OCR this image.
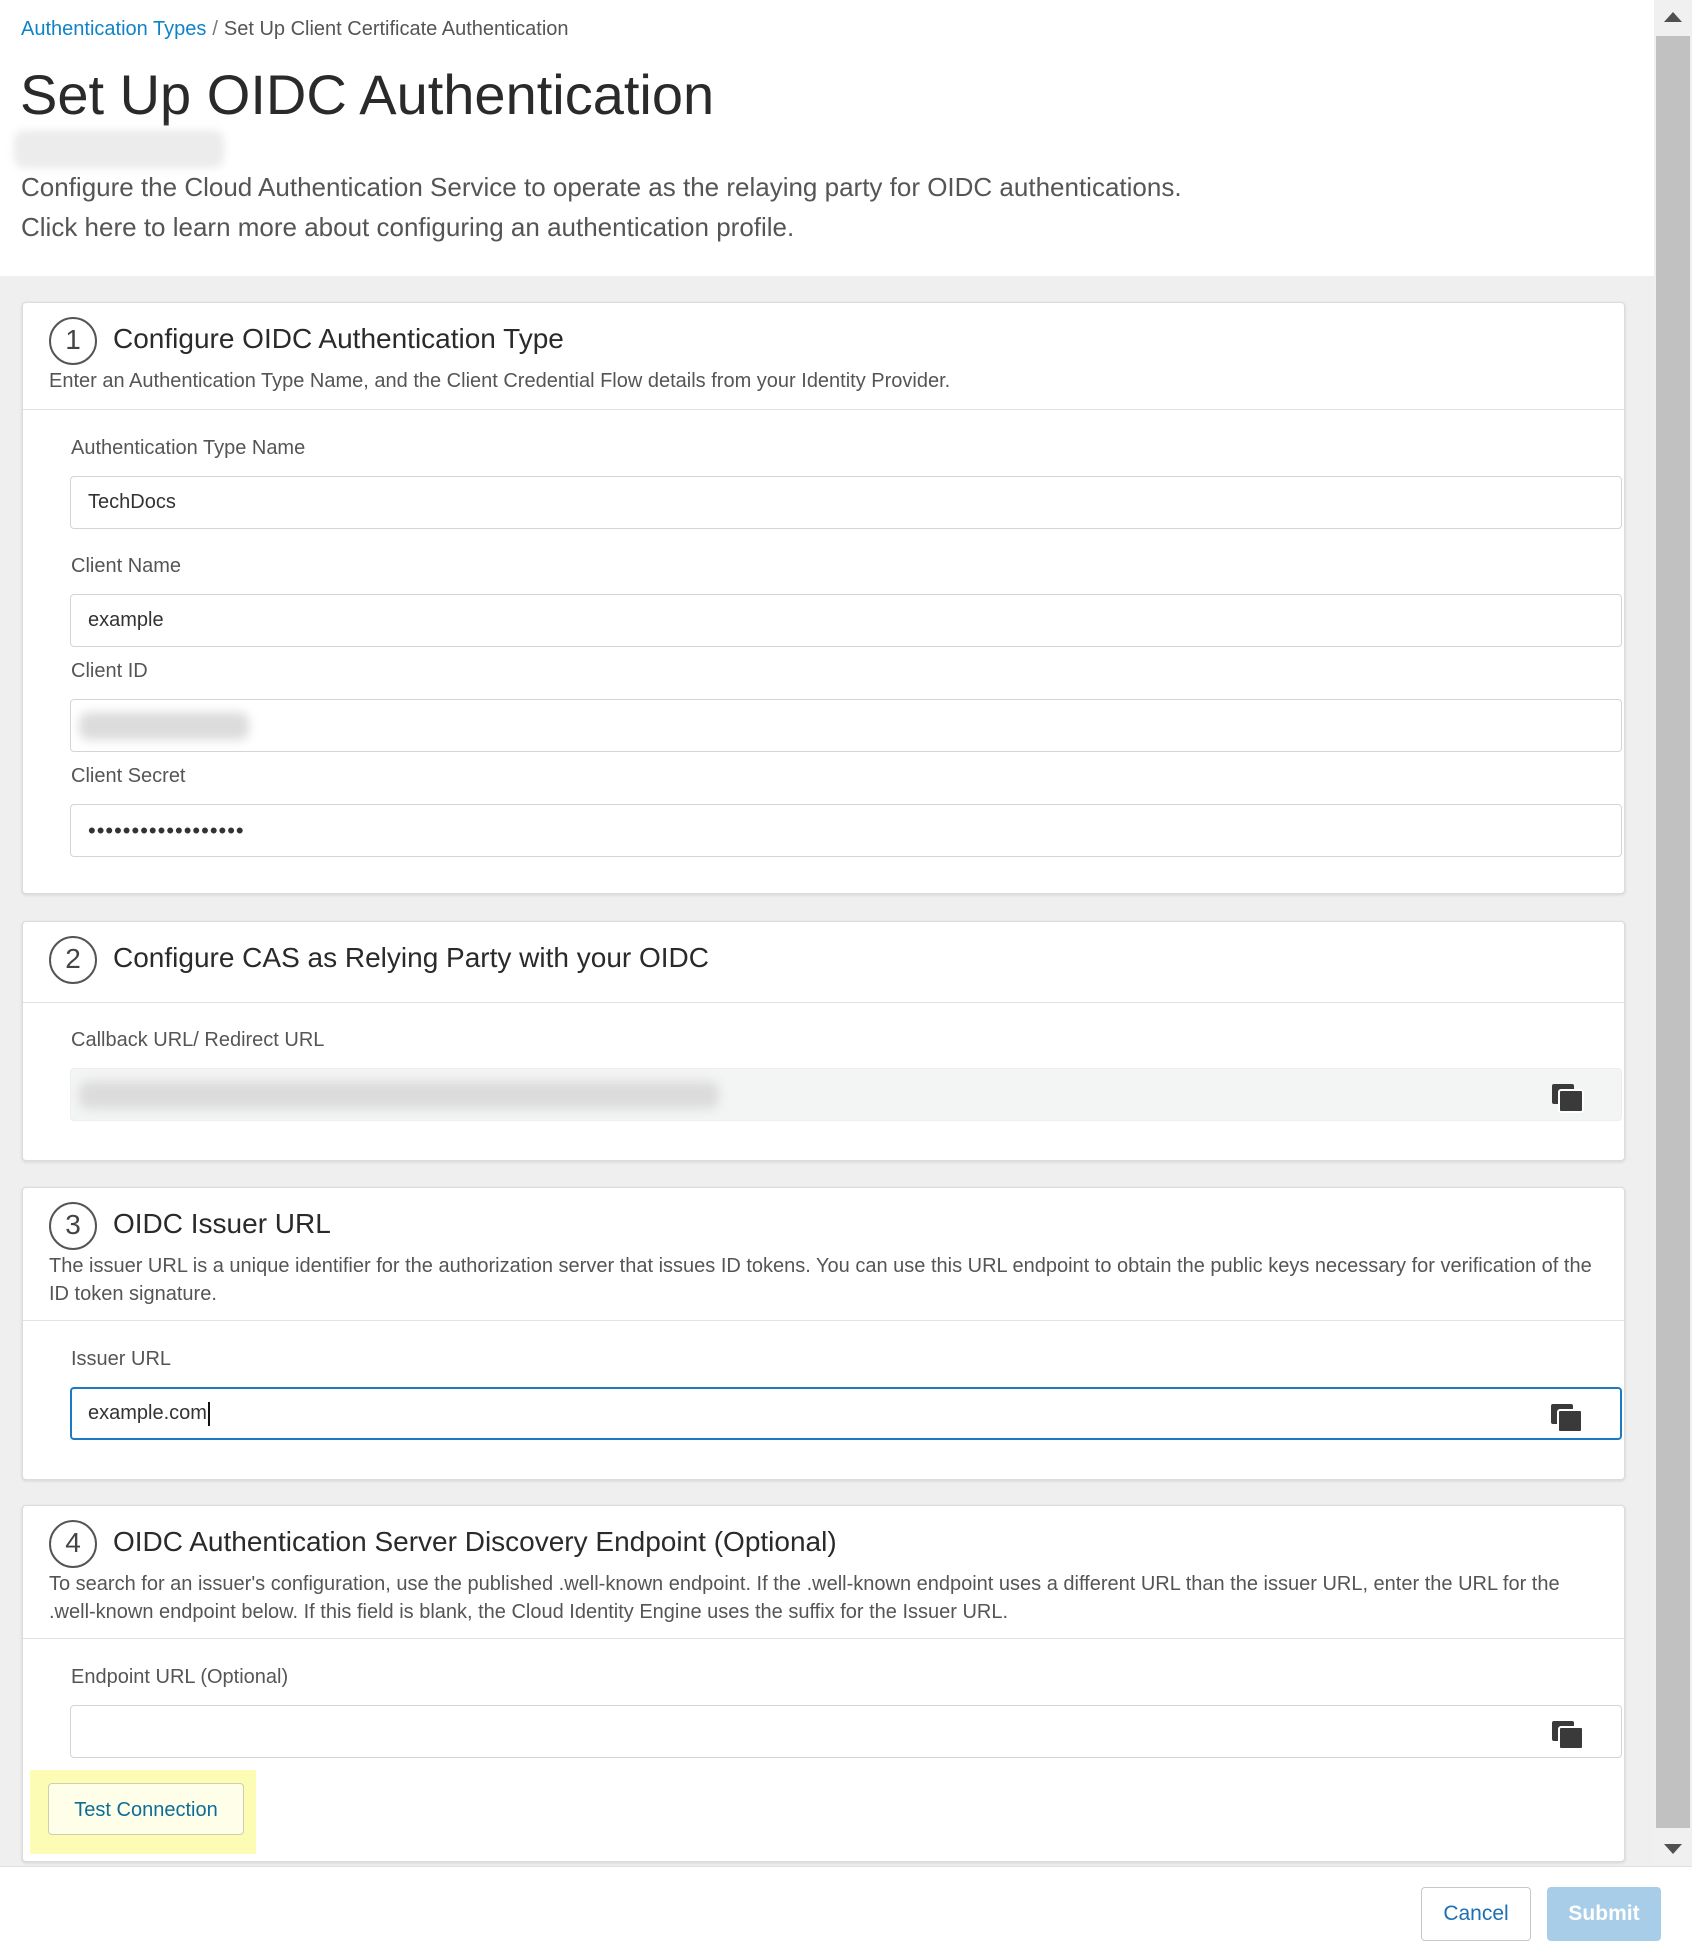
Authentication Types / Set Up Client Certificate Authentication
Set Up OIDC Authentication
Configure the Cloud Authentication Service to operate as the relaying party for OIDC authentications.
Click here to learn more about configuring an authentication profile.
1	Configure OIDC Authentication Type
Enter an Authentication Type Name, and the Client Credential Flow details from your Identity Provider.
Authentication Type Name
TechDocs
Client Name
example
Client ID
Client Secret
••••••••••••••••••
2	Configure CAS as Relying Party with your OIDC
Callback URL/ Redirect URL
3	OIDC Issuer URL
The issuer URL is a unique identifier for the authorization server that issues ID tokens. You can use this URL endpoint to obtain the public keys necessary for verification of the ID token signature.
Issuer URL
example.com
4	OIDC Authentication Server Discovery Endpoint (Optional)
To search for an issuer's configuration, use the published .well-known endpoint. If the .well-known endpoint uses a different URL than the issuer URL, enter the URL for the .well-known endpoint below. If this field is blank, the Cloud Identity Engine uses the suffix for the Issuer URL.
Endpoint URL (Optional)
Test Connection
Cancel	Submit
